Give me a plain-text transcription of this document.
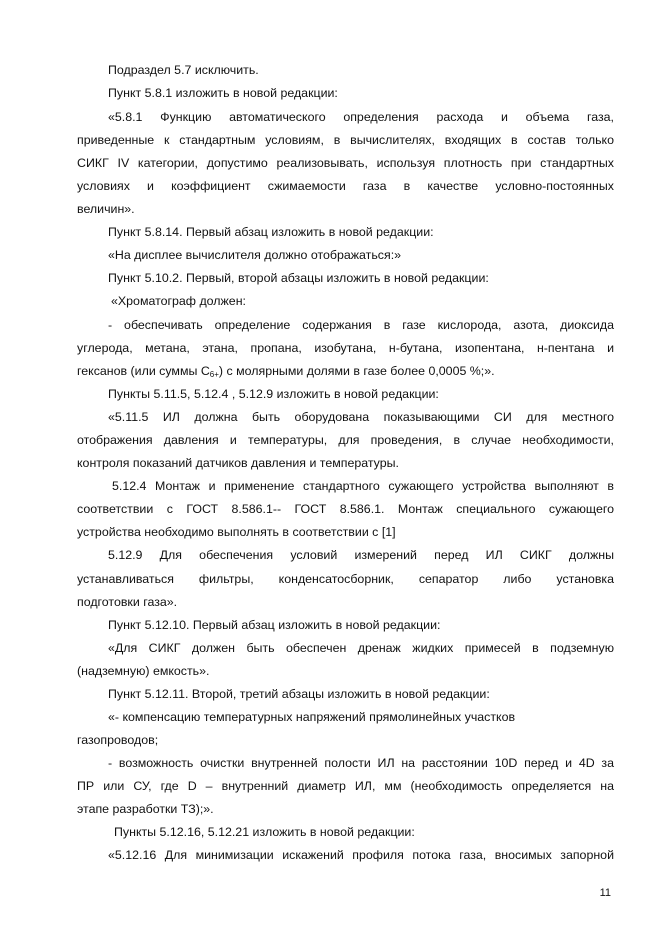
Подраздел 5.7 исключить.
Пункт 5.8.1 изложить в новой редакции:
«5.8.1 Функцию автоматического определения расхода и объема газа,
приведенные к стандартным условиям, в вычислителях, входящих в состав только
СИКГ IV категории, допустимо реализовывать, используя плотность при стандартных
условиях и коэффициент сжимаемости газа в качестве условно-постоянных
величин».
Пункт 5.8.14. Первый абзац изложить в новой редакции:
«На дисплее вычислителя должно отображаться:»
Пункт 5.10.2. Первый, второй абзацы изложить в новой редакции:
«Хроматограф должен:
- обеспечивать определение содержания в газе кислорода, азота, диоксида
углерода, метана, этана, пропана, изобутана, н-бутана, изопентана, н-пентана и
гексанов (или суммы $С_{6+}$) с молярными долями в газе более 0,0005 %;».
Пункты 5.11.5, 5.12.4 , 5.12.9 изложить в новой редакции:
«5.11.5 ИЛ должна быть оборудована показывающими СИ для местного
отображения давления и температуры, для проведения, в случае необходимости,
контроля показаний датчиков давления и температуры.
5.12.4 Монтаж и применение стандартного сужающего устройства выполняют в
соответствии с ГОСТ 8.586.1-- ГОСТ 8.586.1. Монтаж специального сужающего
устройства необходимо выполнять в соответствии с [1]
5.12.9 Для обеспечения условий измерений перед ИЛ СИКГ должны
устанавливаться фильтры, конденсатосборник, сепаратор либо установка
подготовки газа».
Пункт 5.12.10. Первый абзац изложить в новой редакции:
«Для СИКГ должен быть обеспечен дренаж жидких примесей в подземную
(надземную) емкость».
Пункт 5.12.11. Второй, третий абзацы изложить в новой редакции:
«- компенсацию температурных напряжений прямолинейных участков
газопроводов;
- возможность очистки внутренней полости ИЛ на расстоянии 10D перед и 4D за
ПР или СУ, где D – внутренний диаметр ИЛ, мм (необходимость определяется на
этапе разработки ТЗ);».
Пункты 5.12.16, 5.12.21 изложить в новой редакции:
«5.12.16 Для минимизации искажений профиля потока газа, вносимых запорной
11
